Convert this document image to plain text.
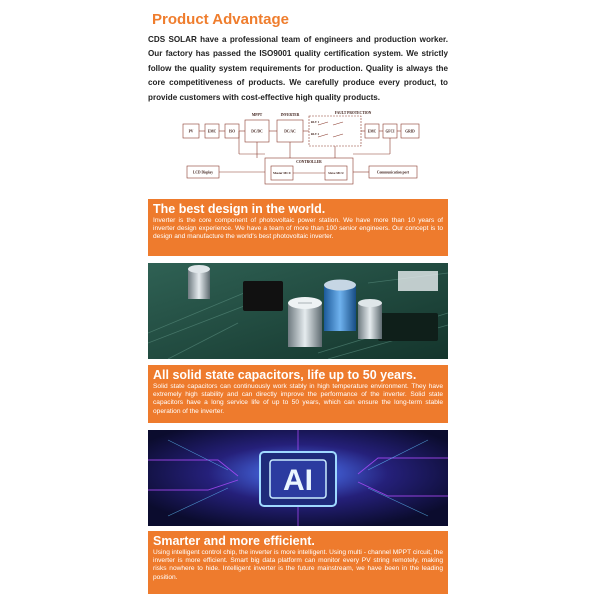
Product Advantage
CDS SOLAR have a professional team of engineers and production worker. Our factory has passed the ISO9001 quality certification system. We strictly follow the quality system requirements for production. Quality is always the core competitiveness of products. We carefully produce every product, to provide customers with cost-effective high quality products.
MPPT	INVERTER	FAULT PROTECTION
PV	EMC	ISO	DC/DC	DC/AC	EMC	GFCI	GRID
RLY 1
RLY 2
CONTROLLER
Master MCU	Slave MCU
LCD Display	Communication port
The best design in the world.

Inverter is the core component of photovoltaic power station. We have more than 10 years of inverter design experience. We have a team of more than 100 senior engineers. Our concept is to design and manufacture the world's best photovoltaic inverter.

All solid state capacitors, life up to 50 years.

Solid state capacitors can continuously work stably in high temperature environment. They have extremely high stability and can directly improve the performance of the inverter. Solid state capacitors have a long service life of up to 50 years, which can ensure the long-term stable operation of the inverter.

AI
Smarter and more efficient.

Using intelligent control chip, the inverter is more intelligent. Using multi - channel MPPT circuit, the inverter is more efficient. Smart big data platform can monitor every PV string remotely, making risks nowhere to hide. Intelligent inverter is the future mainstream, we have been in the leading position.
